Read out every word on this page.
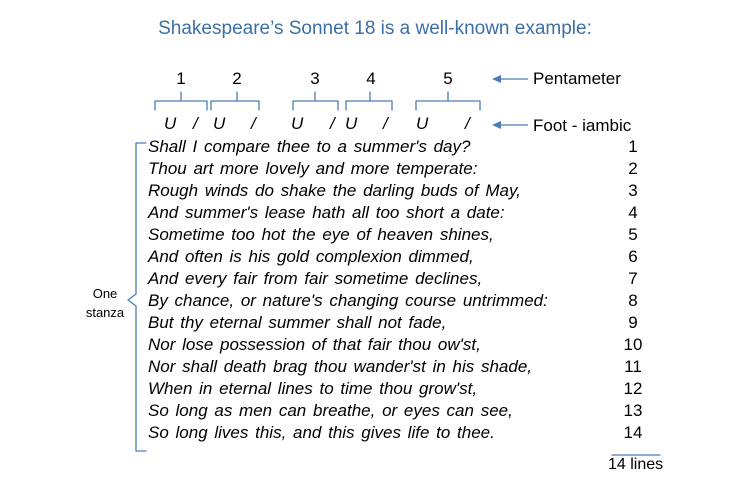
Shakespeare’s Sonnet 18 is a well-known example:
1	2	3	4	5	Pentameter
Foot - iambic
U / U / U / U / U /
One
stanza
Shall I compare thee to a summer's day?
Thou art more lovely and more temperate:
Rough winds do shake the darling buds of May,
And summer's lease hath all too short a date:
Sometime too hot the eye of heaven shines,
And often is his gold complexion dimmed,
And every fair from fair sometime declines,
By chance, or nature's changing course untrimmed:
But thy eternal summer shall not fade,
Nor lose possession of that fair thou ow'st,
Nor shall death brag thou wander'st in his shade,
When in eternal lines to time thou grow'st,
So long as men can breathe, or eyes can see,
So long lives this, and this gives life to thee.
1
2
3
4
5
6
7
8
9
10
11
12
13
14
14 lines
